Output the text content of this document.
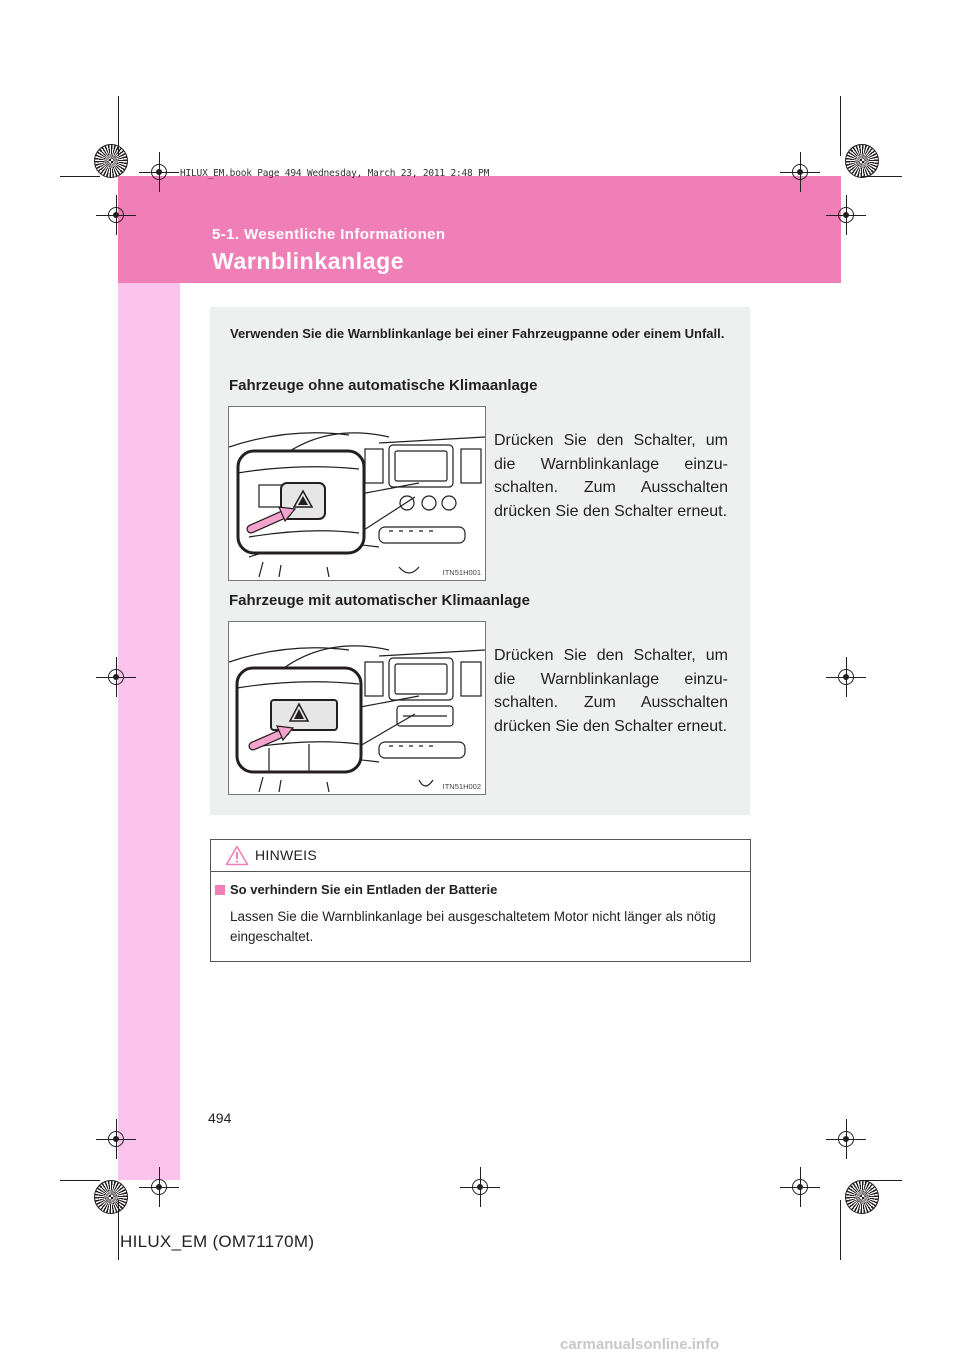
HILUX_EM.book Page 494 Wednesday, March 23, 2011 2:48 PM
5-1. Wesentliche Informationen
Warnblinkanlage
Verwenden Sie die Warnblinkanlage bei einer Fahrzeugpanne oder einem Unfall.
Fahrzeuge ohne automatische Klimaanlage
ITN51H001
Drücken Sie den Schalter, um die Warnblinkanlage einzu-schalten. Zum Ausschalten drücken Sie den Schalter erneut.
Fahrzeuge mit automatischer Klimaanlage
ITN51H002
Drücken Sie den Schalter, um die Warnblinkanlage einzu-schalten. Zum Ausschalten drücken Sie den Schalter erneut.
HINWEIS
So verhindern Sie ein Entladen der Batterie
Lassen Sie die Warnblinkanlage bei ausgeschaltetem Motor nicht länger als nötig eingeschaltet.
494
HILUX_EM (OM71170M)
carmanualsonline.info
